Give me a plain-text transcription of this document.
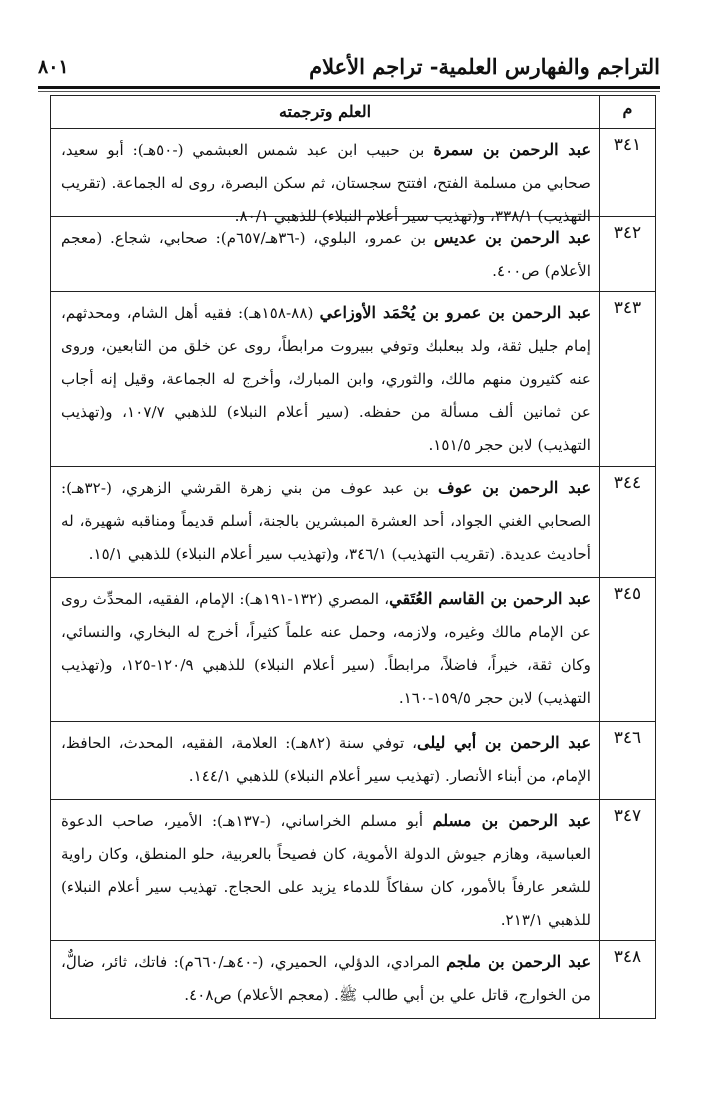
التراجم والفهارس العلمية- تراجم الأعلام
٨٠١
م
العلم وترجمته
٣٤١
عبد الرحمن بن سمرة بن حبيب ابن عبد شمس العبشمي (-٥٠هـ): أبو سعيد، صحابي من مسلمة الفتح، افتتح سجستان، ثم سكن البصرة، روى له الجماعة. (تقريب التهذيب) ٣٣٨/١، و(تهذيب سير أعلام النبلاء) للذهبي ٨٠/١.
٣٤٢
عبد الرحمن بن عديس بن عمرو، البلوي، (-٣٦هـ/٦٥٧م): صحابي، شجاع. (معجم الأعلام) ص٤٠٠.
٣٤٣
عبد الرحمن بن عمرو بن يُحْمَد الأوزاعي (٨٨-١٥٨هـ): فقيه أهل الشام، ومحدثهم، إمام جليل ثقة، ولد ببعلبك وتوفي ببيروت مرابطاً، روى عن خلق من التابعين، وروى عنه كثيرون منهم مالك، والثوري، وابن المبارك، وأخرج له الجماعة، وقيل إنه أجاب عن ثمانين ألف مسألة من حفظه. (سير أعلام النبلاء) للذهبي ١٠٧/٧، و(تهذيب التهذيب) لابن حجر ١٥١/٥.
٣٤٤
عبد الرحمن بن عوف بن عبد عوف من بني زهرة القرشي الزهري، (-٣٢هـ): الصحابي الغني الجواد، أحد العشرة المبشرين بالجنة، أسلم قديماً ومناقبه شهيرة، له أحاديث عديدة. (تقريب التهذيب) ٣٤٦/١، و(تهذيب سير أعلام النبلاء) للذهبي ١٥/١.
٣٤٥
عبد الرحمن بن القاسم العُتَقي، المصري (١٣٢-١٩١هـ): الإمام، الفقيه، المحدِّث روى عن الإمام مالك وغيره، ولازمه، وحمل عنه علماً كثيراً، أخرج له البخاري، والنسائي، وكان ثقة، خيراً، فاضلاً، مرابطاً. (سير أعلام النبلاء) للذهبي ١٢٠/٩-١٢٥، و(تهذيب التهذيب) لابن حجر ١٥٩/٥-١٦٠.
٣٤٦
عبد الرحمن بن أبي ليلى، توفي سنة (٨٢هـ): العلامة، الفقيه، المحدث، الحافظ، الإمام، من أبناء الأنصار. (تهذيب سير أعلام النبلاء) للذهبي ١٤٤/١.
٣٤٧
عبد الرحمن بن مسلم أبو مسلم الخراساني، (-١٣٧هـ): الأمير، صاحب الدعوة العباسية، وهازم جيوش الدولة الأموية، كان فصيحاً بالعربية، حلو المنطق، وكان راوية للشعر عارفاً بالأمور، كان سفاكاً للدماء يزيد على الحجاج. تهذيب سير أعلام النبلاء) للذهبي ٢١٣/١.
٣٤٨
عبد الرحمن بن ملجم المرادي، الدؤلي، الحميري، (-٤٠هـ/٦٦٠م): فاتك، ثائر، ضالٌّ، من الخوارج، قاتل علي بن أبي طالب ﷺ. (معجم الأعلام) ص٤٠٨.
